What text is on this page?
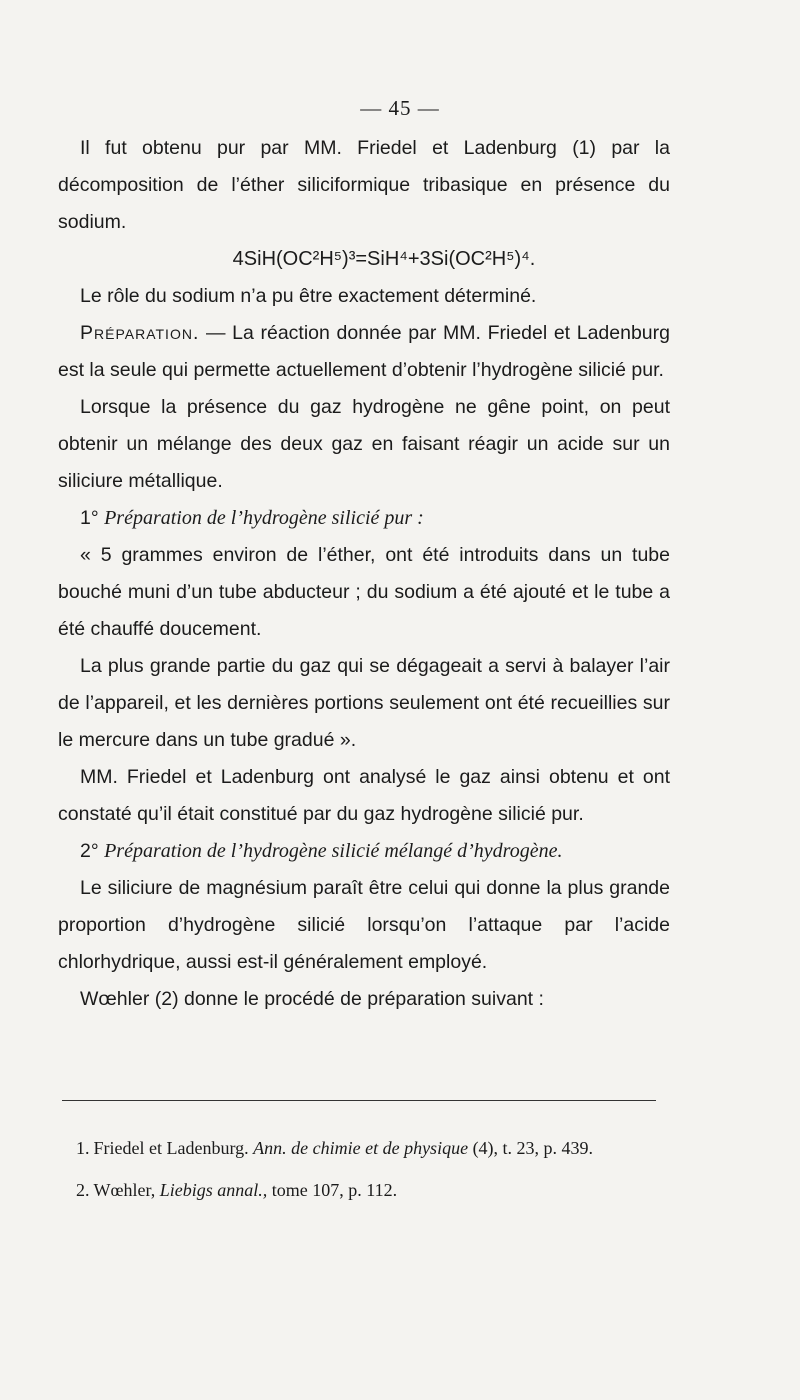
— 45 —

Il fut obtenu pur par MM. Friedel et Ladenburg (1) par la décomposition de l’éther siliciformique tribasique en présence du sodium.

4SiH(OC²H⁵)³=SiH⁴+3Si(OC²H⁵)⁴.

Le rôle du sodium n’a pu être exactement déterminé.

Préparation. — La réaction donnée par MM. Friedel et Ladenburg est la seule qui permette actuellement d’obtenir l’hydrogène silicié pur.

Lorsque la présence du gaz hydrogène ne gêne point, on peut obtenir un mélange des deux gaz en faisant réagir un acide sur un siliciure métallique.

1° Préparation de l’hydrogène silicié pur :

« 5 grammes environ de l’éther, ont été introduits dans un tube bouché muni d’un tube abducteur ; du sodium a été ajouté et le tube a été chauffé doucement.

La plus grande partie du gaz qui se dégageait a servi à balayer l’air de l’appareil, et les dernières portions seulement ont été recueillies sur le mercure dans un tube gradué ».

MM. Friedel et Ladenburg ont analysé le gaz ainsi obtenu et ont constaté qu’il était constitué par du gaz hydrogène silicié pur.

2° Préparation de l’hydrogène silicié mélangé d’hydrogène.

Le siliciure de magnésium paraît être celui qui donne la plus grande proportion d’hydrogène silicié lorsqu’on l’attaque par l’acide chlorhydrique, aussi est-il généralement employé.

Wœhler (2) donne le procédé de préparation suivant :

1. Friedel et Ladenburg. Ann. de chimie et de physique (4), t. 23, p. 439.

2. Wœhler, Liebigs annal., tome 107, p. 112.
